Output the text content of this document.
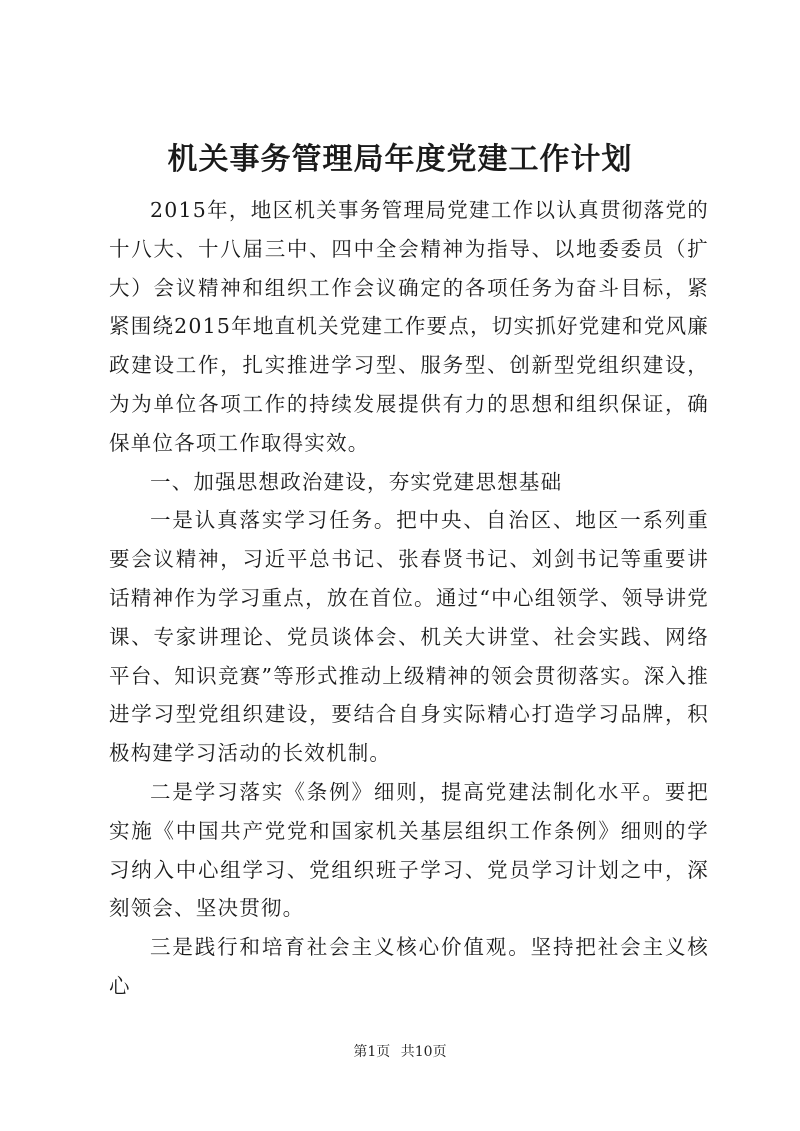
机关事务管理局年度党建工作计划

2015年，地区机关事务管理局党建工作以认真贯彻落党的十八大、十八届三中、四中全会精神为指导、以地委委员（扩大）会议精神和组织工作会议确定的各项任务为奋斗目标，紧紧围绕2015年地直机关党建工作要点，切实抓好党建和党风廉政建设工作，扎实推进学习型、服务型、创新型党组织建设，为为单位各项工作的持续发展提供有力的思想和组织保证，确保单位各项工作取得实效。

一、加强思想政治建设，夯实党建思想基础

一是认真落实学习任务。把中央、自治区、地区一系列重要会议精神，习近平总书记、张春贤书记、刘剑书记等重要讲话精神作为学习重点，放在首位。通过“中心组领学、领导讲党课、专家讲理论、党员谈体会、机关大讲堂、社会实践、网络平台、知识竞赛”等形式推动上级精神的领会贯彻落实。深入推进学习型党组织建设，要结合自身实际精心打造学习品牌，积极构建学习活动的长效机制。

二是学习落实《条例》细则，提高党建法制化水平。要把实施《中国共产党党和国家机关基层组织工作条例》细则的学习纳入中心组学习、党组织班子学习、党员学习计划之中，深刻领会、坚决贯彻。

三是践行和培育社会主义核心价值观。坚持把社会主义核心

第1页 共10页
